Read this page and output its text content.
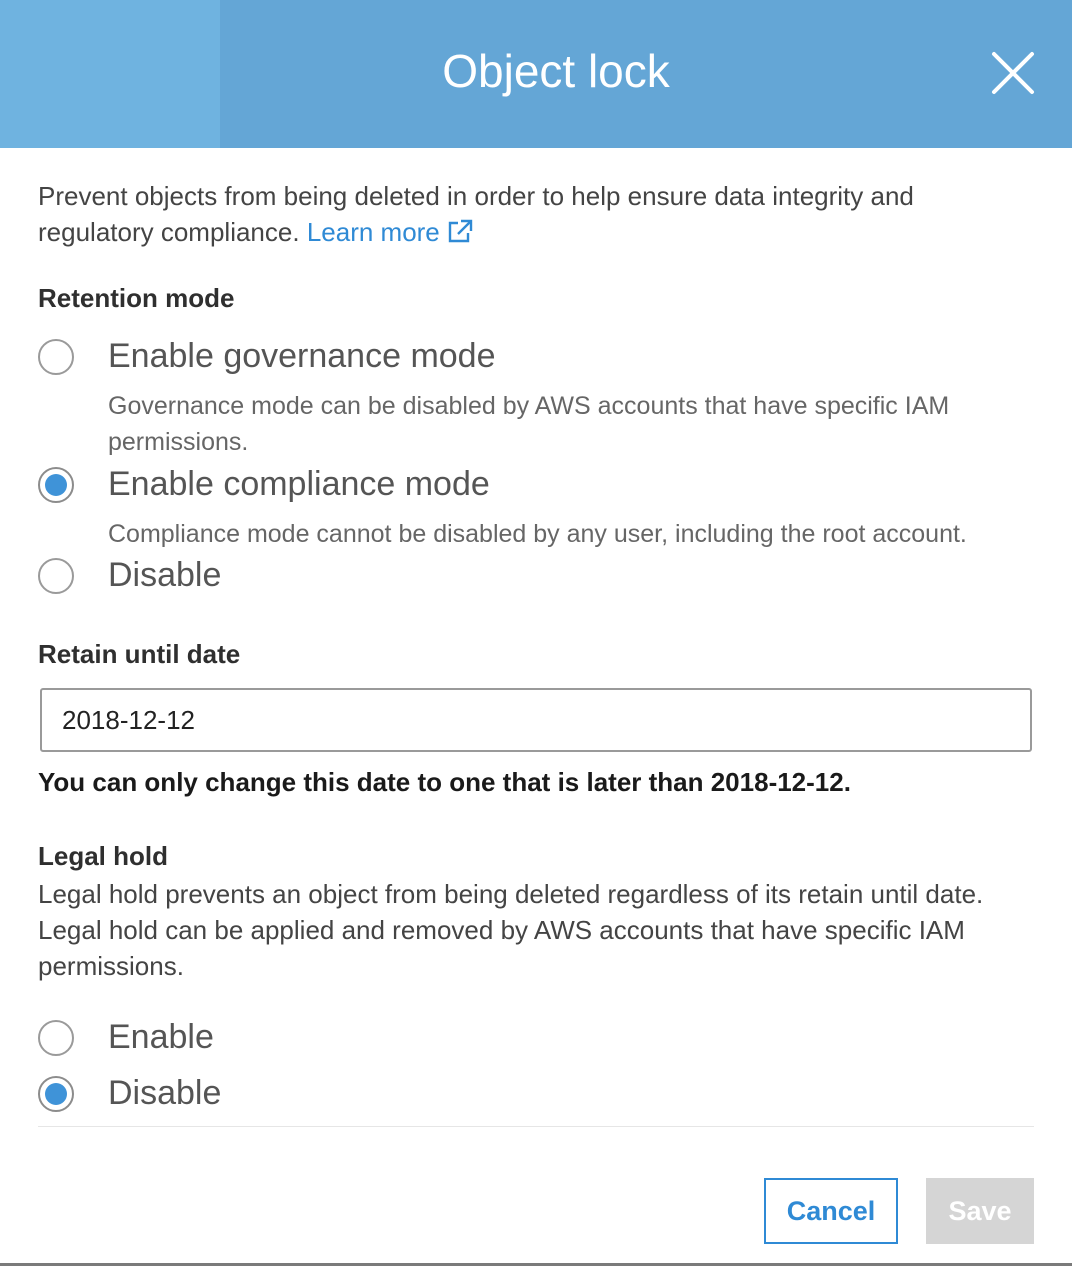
Object lock
Prevent objects from being deleted in order to help ensure data integrity and regulatory compliance. Learn more
Retention mode
Enable governance mode
Governance mode can be disabled by AWS accounts that have specific IAM permissions.
Enable compliance mode
Compliance mode cannot be disabled by any user, including the root account.
Disable
Retain until date
2018-12-12
You can only change this date to one that is later than 2018-12-12.
Legal hold
Legal hold prevents an object from being deleted regardless of its retain until date. Legal hold can be applied and removed by AWS accounts that have specific IAM permissions.
Enable
Disable
Cancel	Save
